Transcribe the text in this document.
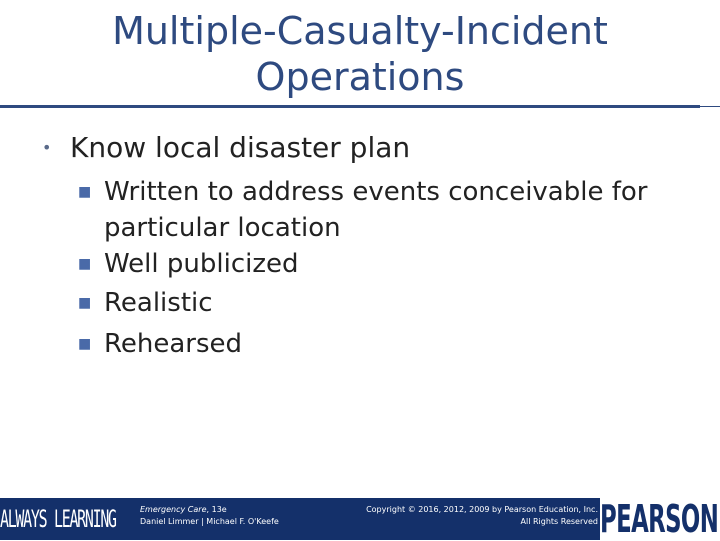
Multiple-Casualty-Incident
Operations
• Know local disaster plan
■ Written to address events conceivable for particular location
■ Well publicized
■ Realistic
■ Rehearsed
ALWAYS LEARNING	Emergency Care, 13e
Daniel Limmer | Michael F. O'Keefe
Copyright © 2016, 2012, 2009 by Pearson Education, Inc.
All Rights Reserved PEARSON
